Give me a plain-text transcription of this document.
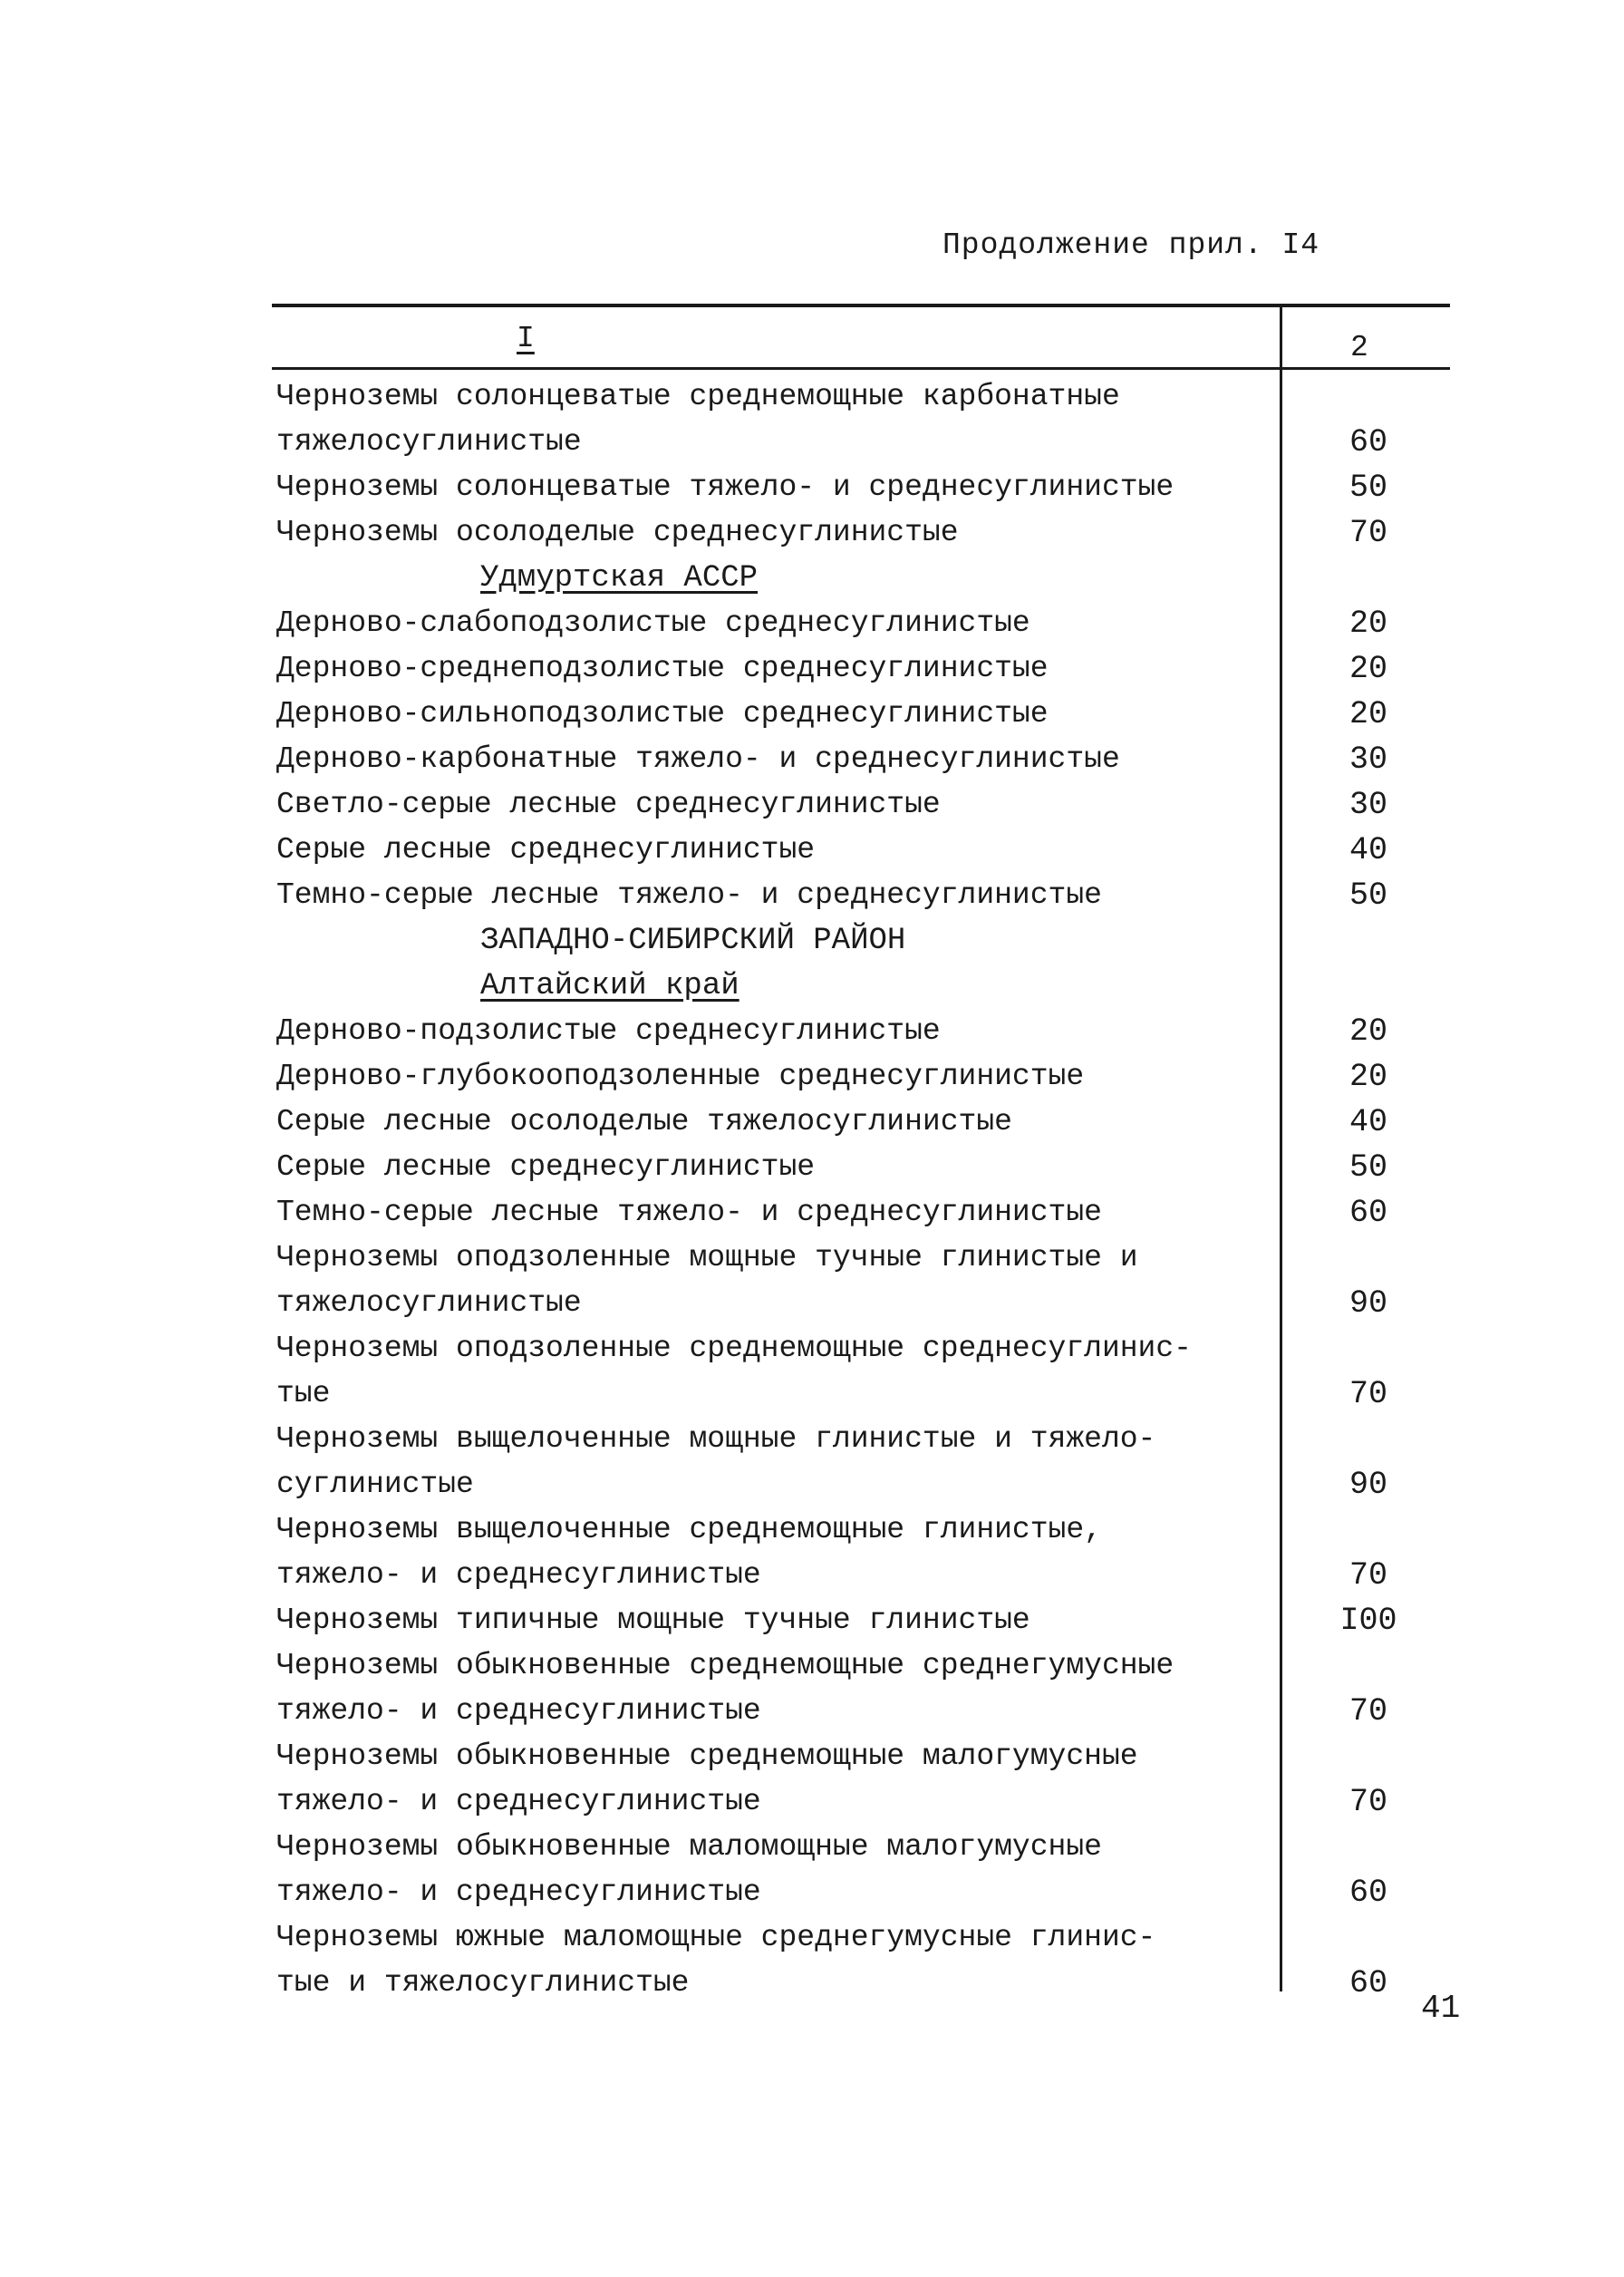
Продолжение прил. I4
I	2
Черноземы солонцеватые среднемощные карбонатные
тяжелосуглинистые	60
Черноземы солонцеватые тяжело- и среднесуглинистые	50
Черноземы осолоделые среднесуглинистые	70
Удмуртская АССР
Дерново-слабоподзолистые среднесуглинистые	20
Дерново-среднеподзолистые среднесуглинистые	20
Дерново-сильноподзолистые среднесуглинистые	20
Дерново-карбонатные тяжело- и среднесуглинистые	30
Светло-серые лесные среднесуглинистые	30
Серые лесные среднесуглинистые	40
Темно-серые лесные тяжело- и среднесуглинистые	50
ЗАПАДНО-СИБИРСКИЙ РАЙОН
Алтайский край
Дерново-подзолистые среднесуглинистые	20
Дерново-глубокооподзоленные среднесуглинистые	20
Серые лесные осолоделые тяжелосуглинистые	40
Серые лесные среднесуглинистые	50
Темно-серые лесные тяжело- и среднесуглинистые	60
Черноземы оподзоленные мощные тучные глинистые и
тяжелосуглинистые	90
Черноземы оподзоленные среднемощные среднесуглинис-
тые	70
Черноземы выщелоченные мощные глинистые и тяжело-
суглинистые	90
Черноземы выщелоченные среднемощные глинистые,
тяжело- и среднесуглинистые	70
Черноземы типичные мощные тучные глинистые	I00
Черноземы обыкновенные среднемощные среднегумусные
тяжело- и среднесуглинистые	70
Черноземы обыкновенные среднемощные малогумусные
тяжело- и среднесуглинистые	70
Черноземы обыкновенные маломощные малогумусные
тяжело- и среднесуглинистые	60
Черноземы южные маломощные среднегумусные глинис-
тые и тяжелосуглинистые	60
41
